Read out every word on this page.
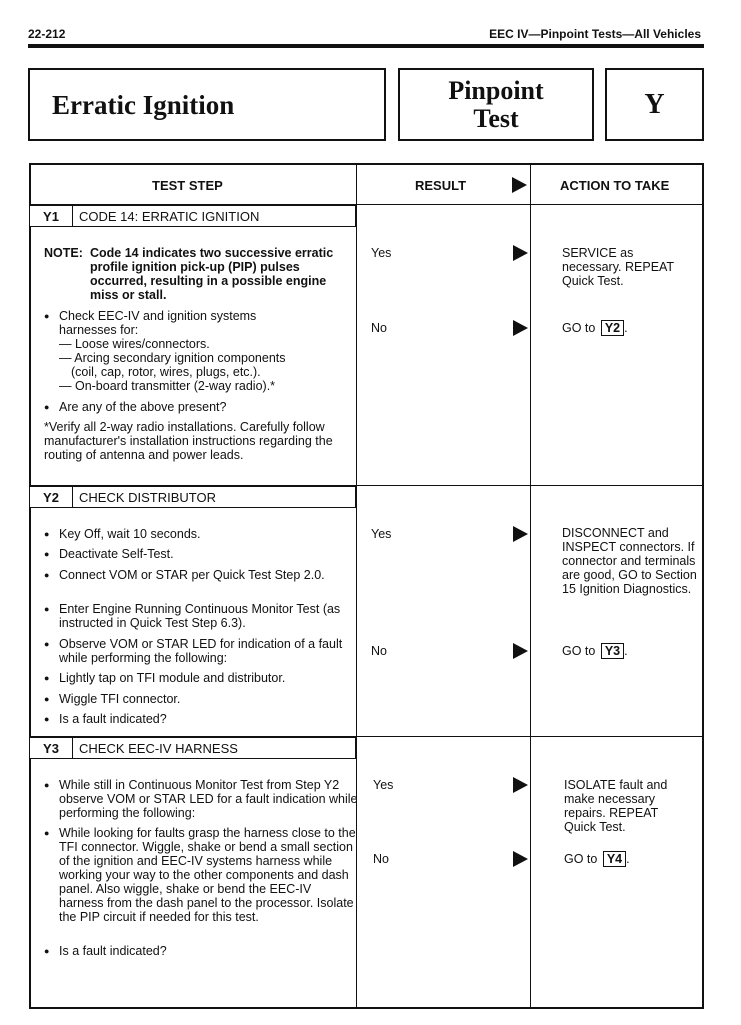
22-212	EEC IV—Pinpoint Tests—All Vehicles
Erratic Ignition	Pinpoint
Test	Y
TEST STEP	RESULT	ACTION TO TAKE
Y1	CODE 14: ERRATIC IGNITION
NOTE: Code 14 indicates two successive erratic profile ignition pick-up (PIP) pulses occurred, resulting in a possible engine miss or stall.
● Check EEC-IV and ignition systems harnesses for:
— Loose wires/connectors.
— Arcing secondary ignition components
(coil, cap, rotor, wires, plugs, etc.).
— On-board transmitter (2-way radio).*
● Are any of the above present?
*Verify all 2-way radio installations. Carefully follow manufacturer's installation instructions regarding the routing of antenna and power leads.
Yes	SERVICE as necessary. REPEAT Quick Test.
No	GO to Y2 .
Y2	CHECK DISTRIBUTOR
● Key Off, wait 10 seconds.
● Deactivate Self-Test.
● Connect VOM or STAR per Quick Test Step 2.0.
● Enter Engine Running Continuous Monitor Test (as instructed in Quick Test Step 6.3).
● Observe VOM or STAR LED for indication of a fault while performing the following:
● Lightly tap on TFI module and distributor.
● Wiggle TFI connector.
● Is a fault indicated?
Yes	DISCONNECT and INSPECT connectors. If connector and terminals are good, GO to Section 15 Ignition Diagnostics.
No	GO to Y3 .
Y3	CHECK EEC-IV HARNESS
● While still in Continuous Monitor Test from Step Y2 observe VOM or STAR LED for a fault indication while performing the following:
● While looking for faults grasp the harness close to the TFI connector. Wiggle, shake or bend a small section of the ignition and EEC-IV systems harness while working your way to the other components and dash panel. Also wiggle, shake or bend the EEC-IV harness from the dash panel to the processor. Isolate the PIP circuit if needed for this test.
● Is a fault indicated?
Yes	ISOLATE fault and make necessary repairs. REPEAT Quick Test.
No	GO to Y4 .
